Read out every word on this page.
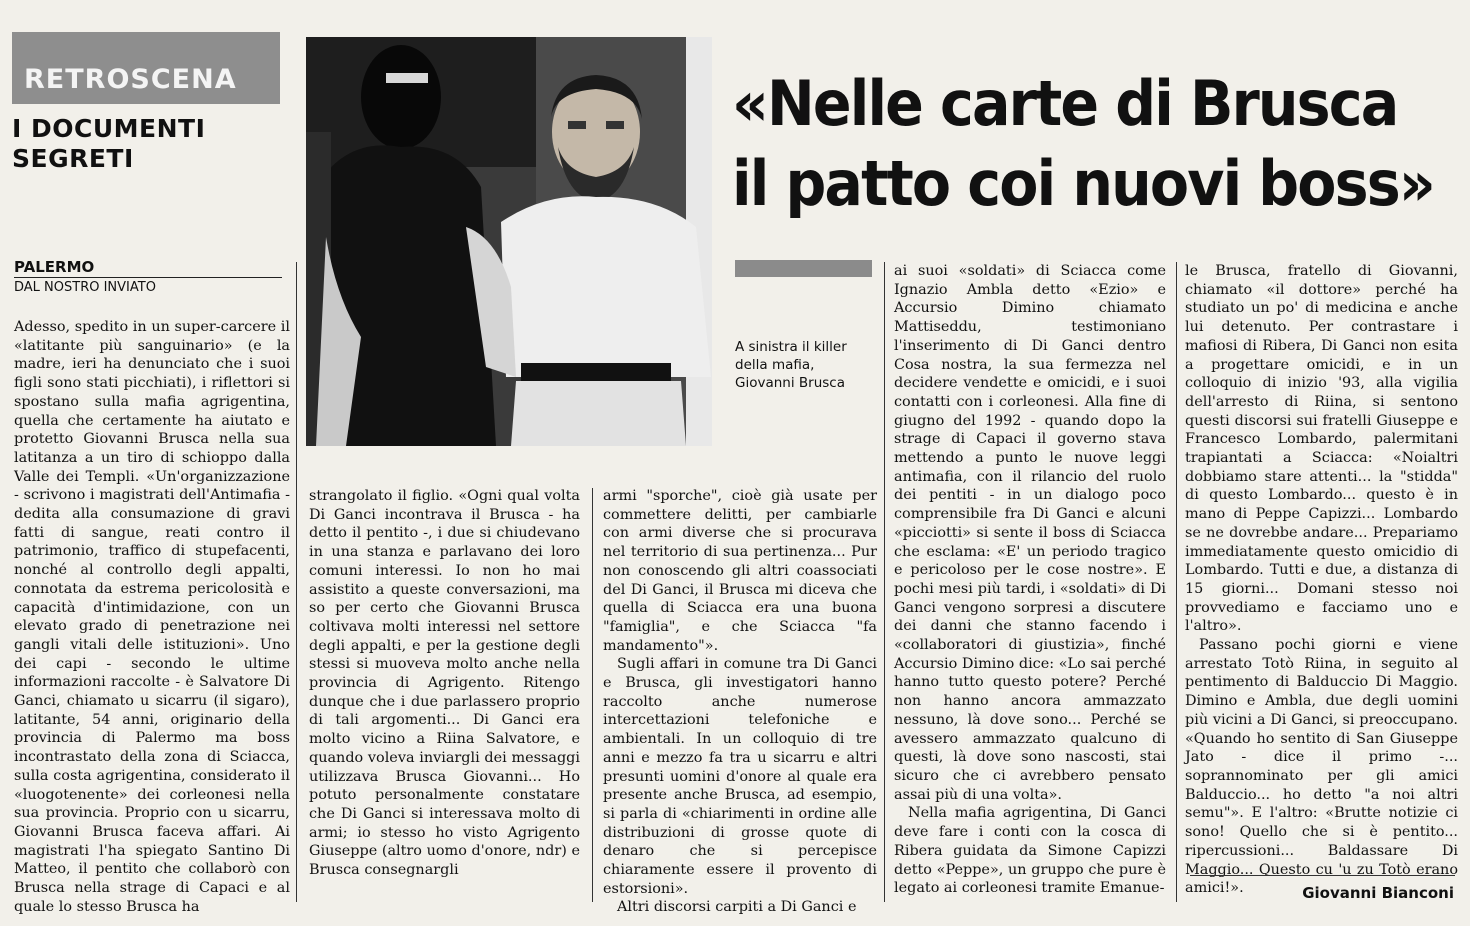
RETROSCENA
I DOCUMENTI
SEGRETI
PALERMO
DAL NOSTRO INVIATO
«Nelle carte di Brusca
il patto coi nuovi boss»
A sinistra il killer della mafia, Giovanni Brusca

Adesso, spedito in un super-carcere il «latitante più sanguinario» (e la madre, ieri ha denunciato che i suoi figli sono stati picchiati), i riflettori si spostano sulla mafia agrigentina, quella che certamente ha aiutato e protetto Giovanni Brusca nella sua latitanza a un tiro di schioppo dalla Valle dei Templi. «Un'organizzazione - scrivono i magistrati dell'Antimafia - dedita alla consumazione di gravi fatti di sangue, reati contro il patrimonio, traffico di stupefacenti, nonché al controllo degli appalti, connotata da estrema pericolosità e capacità d'intimidazione, con un elevato grado di penetrazione nei gangli vitali delle istituzioni». Uno dei capi - secondo le ultime informazioni raccolte - è Salvatore Di Ganci, chiamato u sicarru (il sigaro), latitante, 54 anni, originario della provincia di Palermo ma boss incontrastato della zona di Sciacca, sulla costa agrigentina, considerato il «luogotenente» dei corleonesi nella sua provincia. Proprio con u sicarru, Giovanni Brusca faceva affari. Ai magistrati l'ha spiegato Santino Di Matteo, il pentito che collaborò con Brusca nella strage di Capaci e al quale lo stesso Brusca ha

strangolato il figlio. «Ogni qual volta Di Ganci incontrava il Brusca - ha detto il pentito -, i due si chiudevano in una stanza e parlavano dei loro comuni interessi. Io non ho mai assistito a queste conversazioni, ma so per certo che Giovanni Brusca coltivava molti interessi nel settore degli appalti, e per la gestione degli stessi si muoveva molto anche nella provincia di Agrigento. Ritengo dunque che i due parlassero proprio di tali argomenti... Di Ganci era molto vicino a Riina Salvatore, e quando voleva inviargli dei messaggi utilizzava Brusca Giovanni... Ho potuto personalmente constatare che Di Ganci si interessava molto di armi; io stesso ho visto Agrigento Giuseppe (altro uomo d'onore, ndr) e Brusca consegnargli

armi "sporche", cioè già usate per commettere delitti, per cambiarle con armi diverse che si procurava nel territorio di sua pertinenza... Pur non conoscendo gli altri coassociati del Di Ganci, il Brusca mi diceva che quella di Sciacca era una buona "famiglia", e che Sciacca "fa mandamento"».

Sugli affari in comune tra Di Ganci e Brusca, gli investigatori hanno raccolto anche numerose intercettazioni telefoniche e ambientali. In un colloquio di tre anni e mezzo fa tra u sicarru e altri presunti uomini d'onore al quale era presente anche Brusca, ad esempio, si parla di «chiarimenti in ordine alle distribuzioni di grosse quote di denaro che si percepisce chiaramente essere il provento di estorsioni».

Altri discorsi carpiti a Di Ganci e

ai suoi «soldati» di Sciacca come Ignazio Ambla detto «Ezio» e Accursio Dimino chiamato Mattiseddu, testimoniano l'inserimento di Di Ganci dentro Cosa nostra, la sua fermezza nel decidere vendette e omicidi, e i suoi contatti con i corleonesi. Alla fine di giugno del 1992 - quando dopo la strage di Capaci il governo stava mettendo a punto le nuove leggi antimafia, con il rilancio del ruolo dei pentiti - in un dialogo poco comprensibile fra Di Ganci e alcuni «picciotti» si sente il boss di Sciacca che esclama: «E' un periodo tragico e pericoloso per le cose nostre». E pochi mesi più tardi, i «soldati» di Di Ganci vengono sorpresi a discutere dei danni che stanno facendo i «collaboratori di giustizia», finché Accursio Dimino dice: «Lo sai perché hanno tutto questo potere? Perché non hanno ancora ammazzato nessuno, là dove sono... Perché se avessero ammazzato qualcuno di questi, là dove sono nascosti, stai sicuro che ci avrebbero pensato assai più di una volta».

Nella mafia agrigentina, Di Ganci deve fare i conti con la cosca di Ribera guidata da Simone Capizzi detto «Peppe», un gruppo che pure è legato ai corleonesi tramite Emanue-

le Brusca, fratello di Giovanni, chiamato «il dottore» perché ha studiato un po' di medicina e anche lui detenuto. Per contrastare i mafiosi di Ribera, Di Ganci non esita a progettare omicidi, e in un colloquio di inizio '93, alla vigilia dell'arresto di Riina, si sentono questi discorsi sui fratelli Giuseppe e Francesco Lombardo, palermitani trapiantati a Sciacca: «Noialtri dobbiamo stare attenti... la "stidda" di questo Lombardo... questo è in mano di Peppe Capizzi... Lombardo se ne dovrebbe andare... Prepariamo immediatamente questo omicidio di Lombardo. Tutti e due, a distanza di 15 giorni... Domani stesso noi provvediamo e facciamo uno e l'altro».

Passano pochi giorni e viene arrestato Totò Riina, in seguito al pentimento di Balduccio Di Maggio. Dimino e Ambla, due degli uomini più vicini a Di Ganci, si preoccupano. «Quando ho sentito di San Giuseppe Jato - dice il primo -... soprannominato per gli amici Balduccio... ho detto "a noi altri semu"». E l'altro: «Brutte notizie ci sono! Quello che si è pentito... ripercussioni... Baldassare Di Maggio... Questo cu 'u zu Totò erano amici!».	Giovanni Bianconi
